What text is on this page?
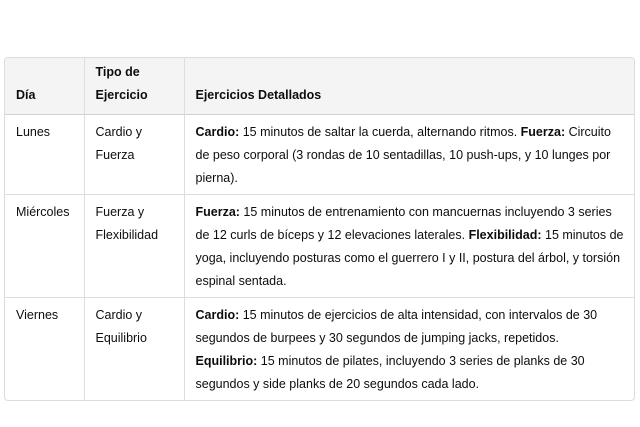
Día	Tipo de Ejercicio	Ejercicios Detallados
Lunes	Cardio y Fuerza	Cardio: 15 minutos de saltar la cuerda, alternando ritmos. Fuerza: Circuito de peso corporal (3 rondas de 10 sentadillas, 10 push-ups, y 10 lunges por pierna).

Miércoles	Fuerza y Flexibilidad	Fuerza: 15 minutos de entrenamiento con mancuernas incluyendo 3 series de 12 curls de bíceps y 12 elevaciones laterales. Flexibilidad: 15 minutos de yoga, incluyendo posturas como el guerrero I y II, postura del árbol, y torsión espinal sentada.

Viernes	Cardio y Equilibrio	Cardio: 15 minutos de ejercicios de alta intensidad, con intervalos de 30 segundos de burpees y 30 segundos de jumping jacks, repetidos.
Equilibrio: 15 minutos de pilates, incluyendo 3 series de planks de 30 segundos y side planks de 20 segundos cada lado.
